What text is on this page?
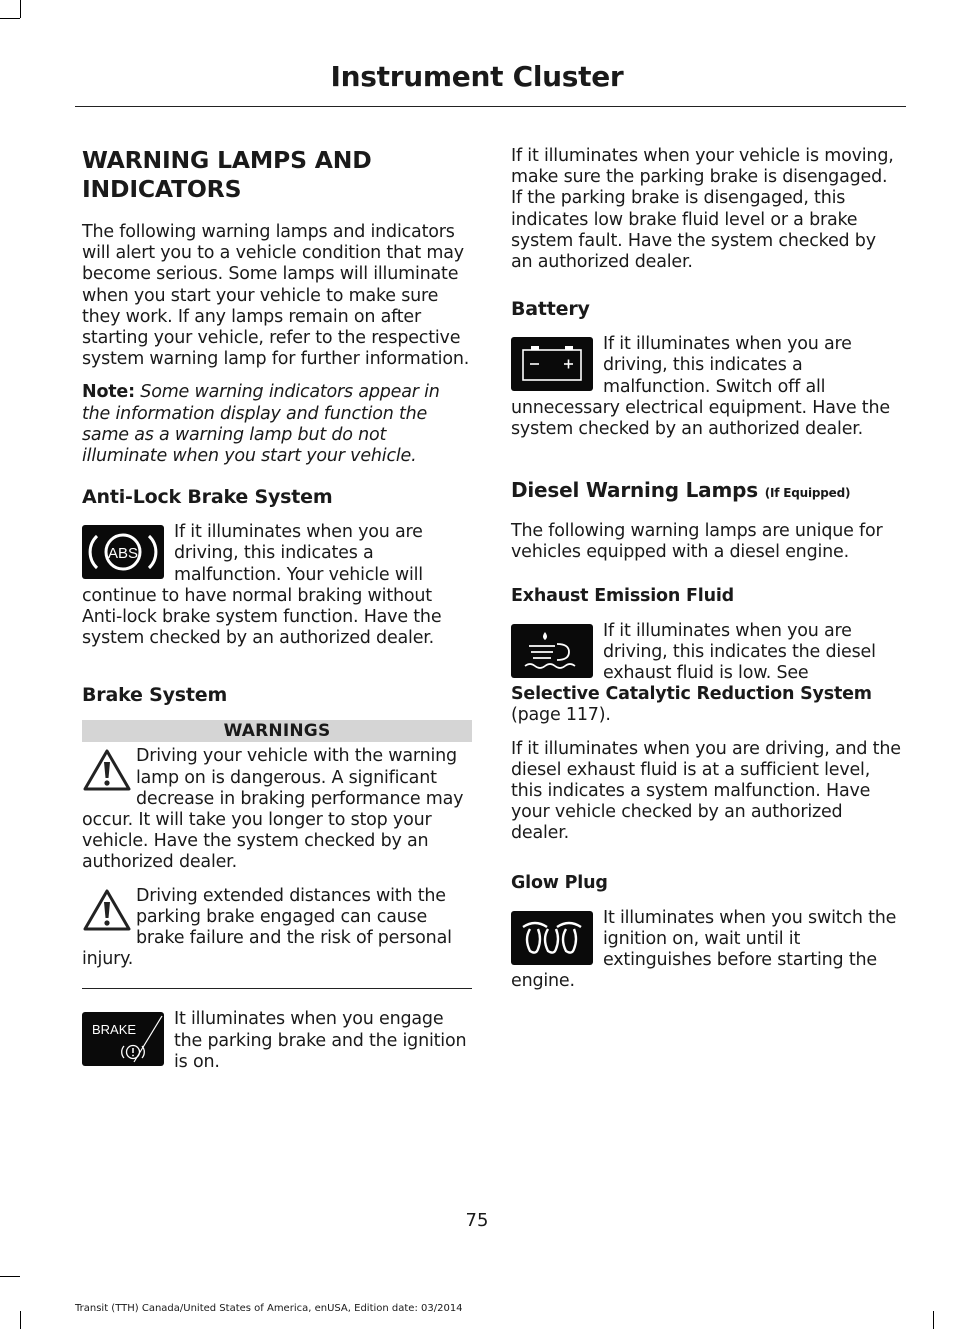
Instrument Cluster
WARNING LAMPS AND INDICATORS

The following warning lamps and indicators will alert you to a vehicle condition that may become serious. Some lamps will illuminate when you start your vehicle to make sure they work. If any lamps remain on after starting your vehicle, refer to the respective system warning lamp for further information.

Note: Some warning indicators appear in the information display and function the same as a warning lamp but do not illuminate when you start your vehicle.

Anti-Lock Brake System
ABS

If it illuminates when you are driving, this indicates a malfunction. Your vehicle will continue to have normal braking without Anti-lock brake system function. Have the system checked by an authorized dealer.

Brake System
WARNINGS

Driving your vehicle with the warning lamp on is dangerous. A significant decrease in braking performance may occur. It will take you longer to stop your vehicle. Have the system checked by an authorized dealer.

Driving extended distances with the parking brake engaged can cause brake failure and the risk of personal injury.

BRAKE

It illuminates when you engage the parking brake and the ignition is on.

If it illuminates when your vehicle is moving, make sure the parking brake is disengaged. If the parking brake is disengaged, this indicates low brake fluid level or a brake system fault. Have the system checked by an authorized dealer.

Battery

If it illuminates when you are driving, this indicates a malfunction. Switch off all unnecessary electrical equipment. Have the system checked by an authorized dealer.

Diesel Warning Lamps (If Equipped)

The following warning lamps are unique for vehicles equipped with a diesel engine.

Exhaust Emission Fluid

If it illuminates when you are driving, this indicates the diesel exhaust fluid is low. See Selective Catalytic Reduction System (page 117).

If it illuminates when you are driving, and the diesel exhaust fluid is at a sufficient level, this indicates a system malfunction. Have your vehicle checked by an authorized dealer.

Glow Plug

It illuminates when you switch the ignition on, wait until it extinguishes before starting the engine.

75
Transit (TTH) Canada/United States of America, enUSA, Edition date: 03/2014
